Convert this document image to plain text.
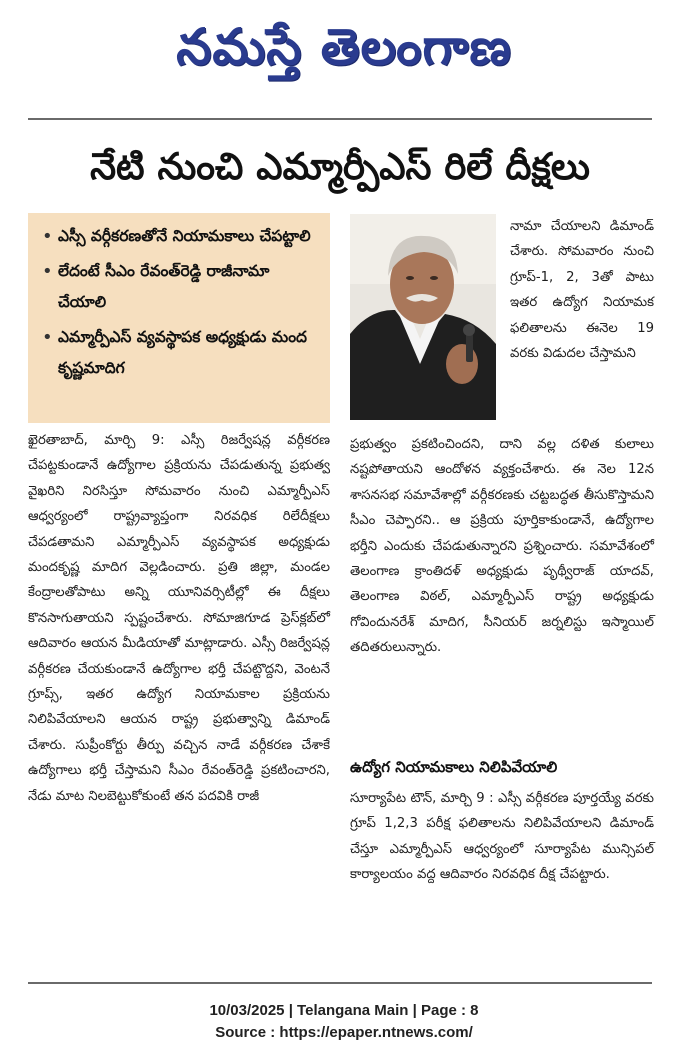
నమస్తే తెలంగాణ
నేటి నుంచి ఎమ్మార్పీఎస్ రిలే దీక్షలు
• ఎస్సీ వర్గీకరణతోనే నియామకాలు చేపట్టాలి
• లేదంటే సీఎం రేవంత్‌రెడ్డి రాజీనామా చేయాలి
• ఎమ్మార్పీఎస్ వ్యవస్థాపక అధ్యక్షుడు మంద కృష్ణమాదిగ

నామా చేయాలని డిమాండ్ చేశారు. సోమవారం నుంచి గ్రూప్-1, 2, 3తో పాటు ఇతర ఉద్యోగ నియామక ఫలితాలను ఈనెల 19 వరకు విడుదల చేస్తామని

ఖైరతాబాద్, మార్చి 9: ఎస్సీ రిజర్వేషన్ల వర్గీకరణ చేపట్టకుండానే ఉద్యోగాల ప్రక్రియను చేపడుతున్న ప్రభుత్వ వైఖరిని నిరసిస్తూ సోమవారం నుంచి ఎమ్మార్పీఎస్ ఆధ్వర్యంలో రాష్ట్రవ్యాప్తంగా నిరవధిక రిలేదీక్షలు చేపడతామని ఎమ్మార్పీఎస్ వ్యవస్థాపక అధ్యక్షుడు మందకృష్ణ మాదిగ వెల్లడించారు. ప్రతి జిల్లా, మండల కేంద్రాలతోపాటు అన్ని యూనివర్సిటీల్లో ఈ దీక్షలు కొనసాగుతాయని స్పష్టంచేశారు. సోమాజిగూడ ప్రెస్‌క్లబ్‌లో ఆదివారం ఆయన మీడియాతో మాట్లాడారు. ఎస్సీ రిజర్వేషన్ల వర్గీకరణ చేయకుండానే ఉద్యోగాల భర్తీ చేపట్టొద్దని, వెంటనే గ్రూప్స్, ఇతర ఉద్యోగ నియామకాల ప్రక్రియను నిలిపివేయాలని ఆయన రాష్ట్ర ప్రభుత్వాన్ని డిమాండ్ చేశారు. సుప్రీంకోర్టు తీర్పు వచ్చిన నాడే వర్గీకరణ చేశాకే ఉద్యోగాలు భర్తీ చేస్తామని సీఎం రేవంత్‌రెడ్డి ప్రకటించారని, నేడు మాట నిలబెట్టుకోకుంటే తన పదవికి రాజీ

ప్రభుత్వం ప్రకటించిందని, దాని వల్ల దళిత కులాలు నష్టపోతాయని ఆందోళన వ్యక్తంచేశారు. ఈ నెల 12న శాసనసభ సమావేశాల్లో వర్గీకరణకు చట్టబద్ధత తీసుకొస్తామని సీఎం చెప్పారని.. ఆ ప్రక్రియ పూర్తికాకుండానే, ఉద్యోగాల భర్తీని ఎందుకు చేపడుతున్నారని ప్రశ్నించారు. సమావేశంలో తెలంగాణ క్రాంతిదళ్ అధ్యక్షుడు పృథ్వీరాజ్ యాదవ్, తెలంగాణ విఠల్, ఎమ్మార్పీఎస్ రాష్ట్ర అధ్యక్షుడు గోవిందునరేశ్ మాదిగ, సీనియర్ జర్నలిస్టు ఇస్మాయిల్ తదితరులున్నారు.

ఉద్యోగ నియామకాలు నిలిపివేయాలి

సూర్యాపేట టౌన్, మార్చి 9 : ఎస్సీ వర్గీకరణ పూర్తయ్యే వరకు గ్రూప్ 1,2,3 పరీక్ష ఫలితాలను నిలిపివేయాలని డిమాండ్ చేస్తూ ఎమ్మార్పీఎస్ ఆధ్వర్యంలో సూర్యాపేట మున్సిపల్ కార్యాలయం వద్ద ఆదివారం నిరవధిక దీక్ష చేపట్టారు.

10/03/2025 | Telangana Main | Page : 8
Source : https://epaper.ntnews.com/
